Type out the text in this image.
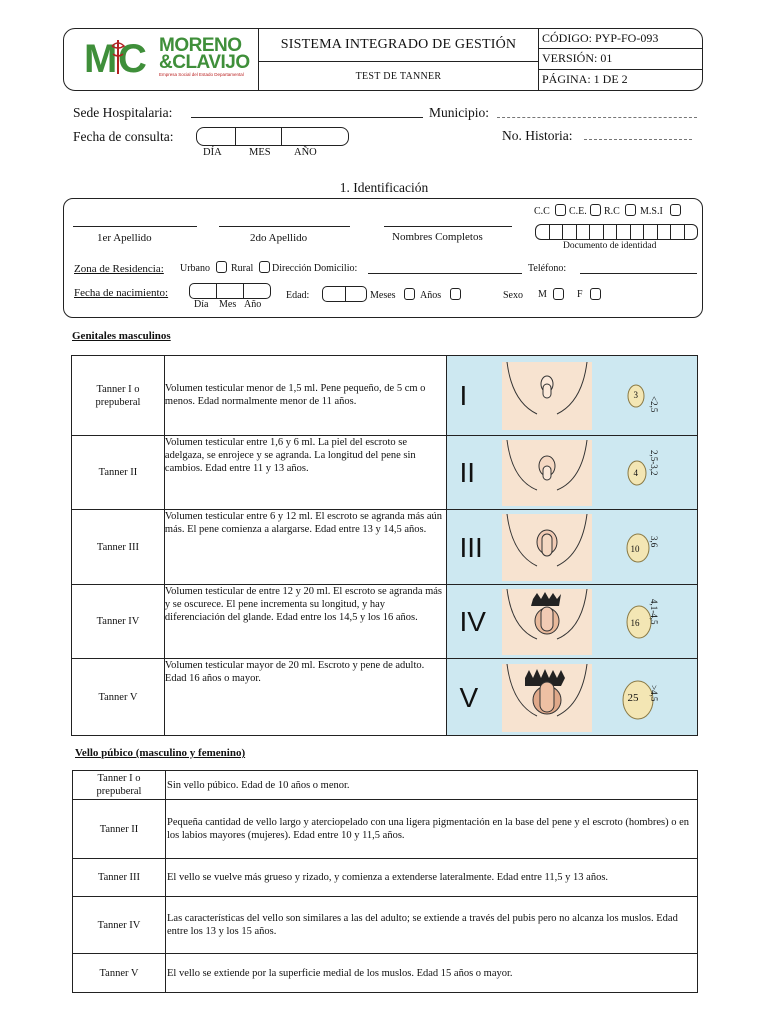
M C MORENO
&CLAVIJO
Empresa Social del Estado Departamental
SISTEMA INTEGRADO DE GESTIÓN
TEST DE TANNER
CÓDIGO: PYP-FO-093
VERSIÓN: 01
PÁGINA: 1 DE 2
Sede Hospitalaria:	Municipio:
Fecha de consulta:
DÍA	MES AÑO
No. Historia:
1. Identificación
1er Apellido	2do Apellido	Nombres Completos
C.C C.E. R.C M.S.I
Documento de identidad
Zona de Residencia: Urbano Rural Dirección Domicilio:	Teléfono:
Fecha de nacimiento:
Día Mes Año
Edad:	Meses Años	Sexo M	F
Genitales masculinos
Tanner I o prepuberal	Volumen testicular menor de 1,5 ml. Pene pequeño, de 5 cm o menos. Edad normalmente menor de 11 años.	I 3
<2,5

Tanner II	Volumen testicular entre 1,6 y 6 ml. La piel del escroto se adelgaza, se enrojece y se agranda. La longitud del pene sin cambios. Edad entre 11 y 13 años.	II 4 2,5-3,2

Tanner III	Volumen testicular entre 6 y 12 ml. El escroto se agranda más aún más. El pene comienza a alargarse. Edad entre 13 y 14,5 años.	III 10
3,6

Tanner IV	Volumen testicular de entre 12 y 20 ml. El escroto se agranda más y se oscurece. El pene incrementa su longitud, y hay diferenciación del glande. Edad entre los 14,5 y los 16 años.	IV 16 4,1-4,5

Tanner V	Volumen testicular mayor de 20 ml. Escroto y pene de adulto. Edad 16 años o mayor.	V 25 >4,5
Vello púbico (masculino y femenino)
Tanner I o prepuberal	Sin vello púbico. Edad de 10 años o menor.
Tanner II	Pequeña cantidad de vello largo y aterciopelado con una ligera pigmentación en la base del pene y el escroto (hombres) o en los labios mayores (mujeres). Edad entre 10 y 11,5 años.
Tanner III	El vello se vuelve más grueso y rizado, y comienza a extenderse lateralmente. Edad entre 11,5 y 13 años.
Tanner IV	Las características del vello son similares a las del adulto; se extiende a través del pubis pero no alcanza los muslos. Edad entre los 13 y los 15 años.
Tanner V	El vello se extiende por la superficie medial de los muslos. Edad 15 años o mayor.
